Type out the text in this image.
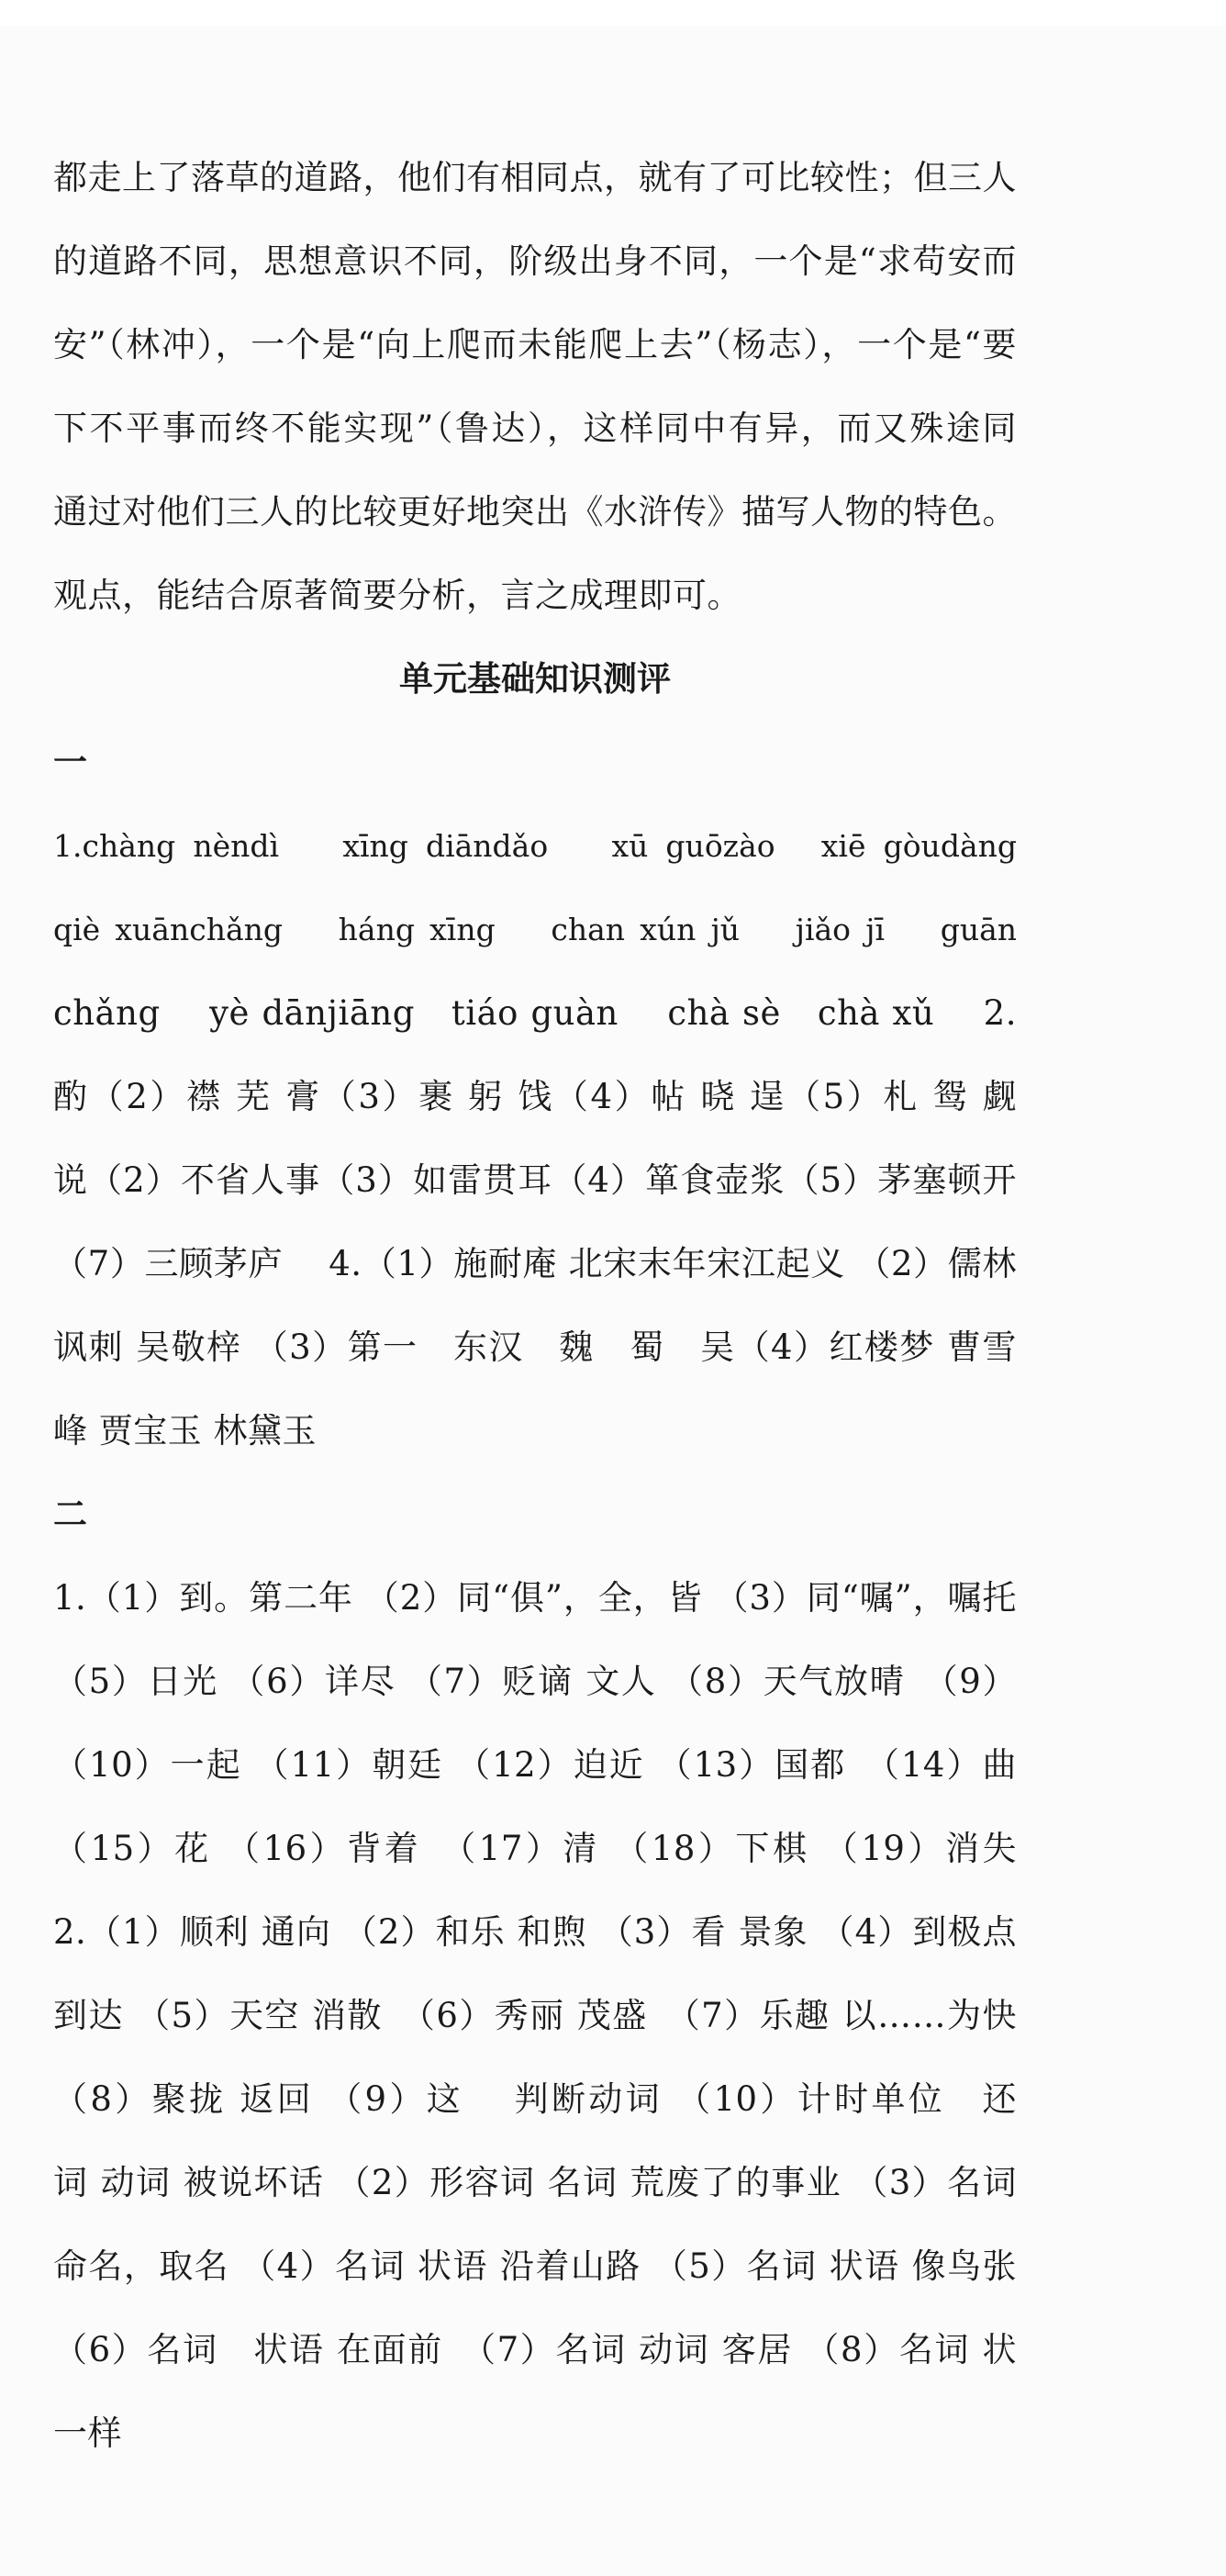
都走上了落草的道路，他们有相同点，就有了可比较性；但三人
的道路不同，思想意识不同，阶级出身不同，一个是“求苟安而
安”（林冲），一个是“向上爬而未能爬上去”（杨志），一个是“要
下不平事而终不能实现”（鲁达），这样同中有异，而又殊途同
通过对他们三人的比较更好地突出《水浒传》描写人物的特色。
观点，能结合原著简要分析，言之成理即可。
单元基础知识测评
一
1.chàng nèndì　 xīng diāndǎo　 xū guōzào　xiē gòudàng　
qiè xuānchǎng　 háng xīng　 chan xún jǔ　 jiǎo jī　 guān
chǎng　 yè dānjiāng　tiáo guàn　 chà sè　chà xǔ　 2.
酌（2）襟 芜 膏（3）裹 躬 饯（4）帖 晓 逞（5）札 鸳 觑　
说（2）不省人事（3）如雷贯耳（4）箪食壶浆（5）茅塞顿开
（7）三顾茅庐　 4.（1）施耐庵 北宋末年宋江起义 （2）儒林
讽刺 吴敬梓 （3）第一　东汉　魏　蜀　吴（4）红楼梦 曹雪
峰 贾宝玉 林黛玉
二
1.（1）到。第二年 （2）同“俱”，全，皆 （3）同“嘱”，嘱托
（5）日光 （6）详尽 （7）贬谪 文人 （8）天气放晴　（9）
（10）一起 （11）朝廷 （12）迫近 （13）国都　（14）曲
（15）花 （16）背着　（17）清 （18）下棋 （19）消失　
2.（1）顺利 通向 （2）和乐 和煦 （3）看 景象 （4）到极点
到达 （5）天空 消散　（6）秀丽 茂盛　（7）乐趣 以……为快
（8）聚拢 返回 （9）这　 判断动词 （10）计时单位　还　
词 动词 被说坏话 （2）形容词 名词 荒废了的事业 （3）名词
命名，取名 （4）名词 状语 沿着山路 （5）名词 状语 像鸟张
（6）名词　状语 在面前　（7）名词 动词 客居 （8）名词 状
一样
